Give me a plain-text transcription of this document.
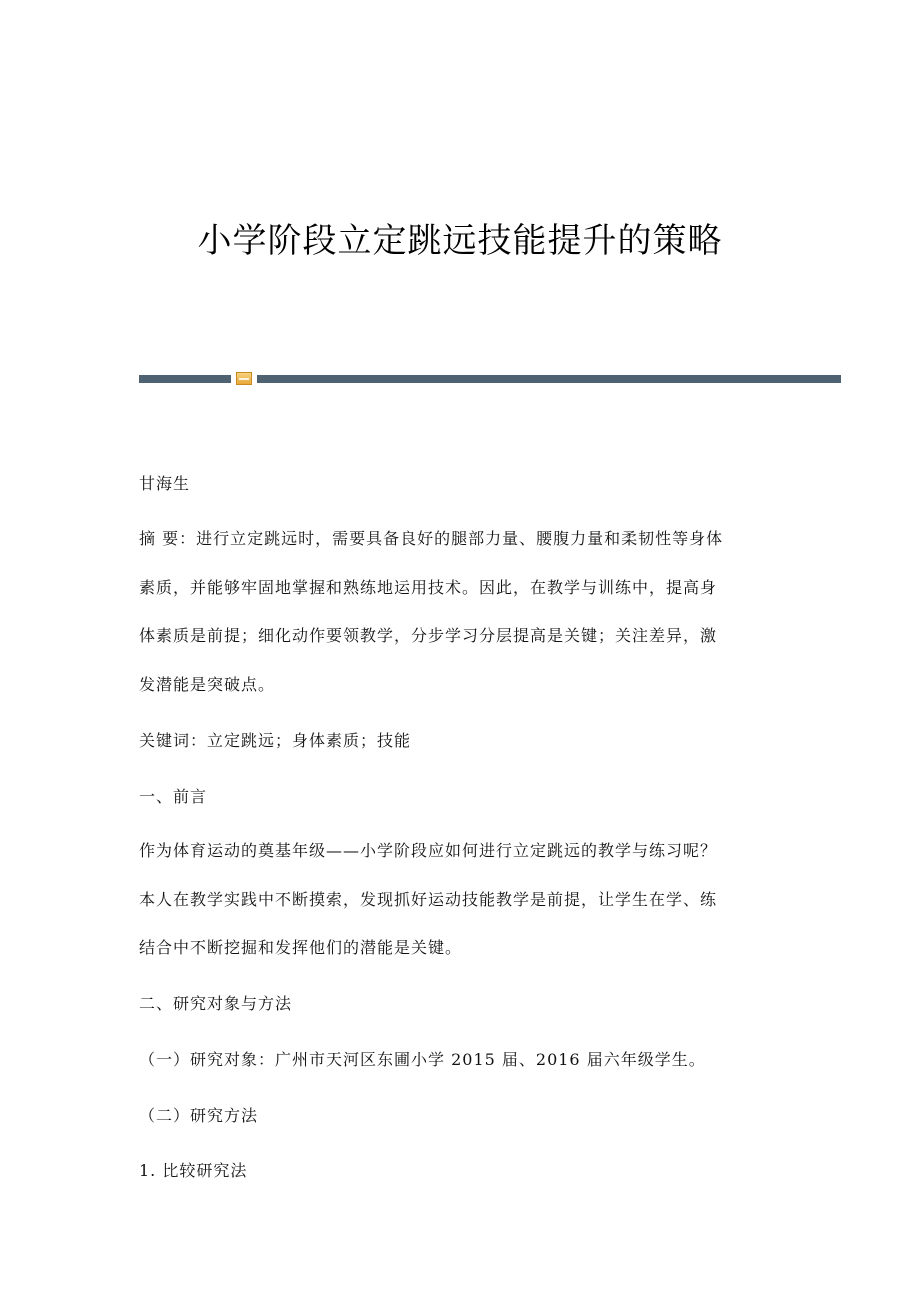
小学阶段立定跳远技能提升的策略
甘海生
摘 要：进行立定跳远时，需要具备良好的腿部力量、腰腹力量和柔韧性等身体
素质，并能够牢固地掌握和熟练地运用技术。因此，在教学与训练中，提高身
体素质是前提；细化动作要领教学，分步学习分层提高是关键；关注差异，激
发潜能是突破点。
关键词：立定跳远；身体素质；技能
一、前言
作为体育运动的奠基年级——小学阶段应如何进行立定跳远的教学与练习呢？
本人在教学实践中不断摸索，发现抓好运动技能教学是前提，让学生在学、练
结合中不断挖掘和发挥他们的潜能是关键。
二、研究对象与方法
（一）研究对象：广州市天河区东圃小学 2015 届、2016 届六年级学生。
（二）研究方法
1. 比较研究法
